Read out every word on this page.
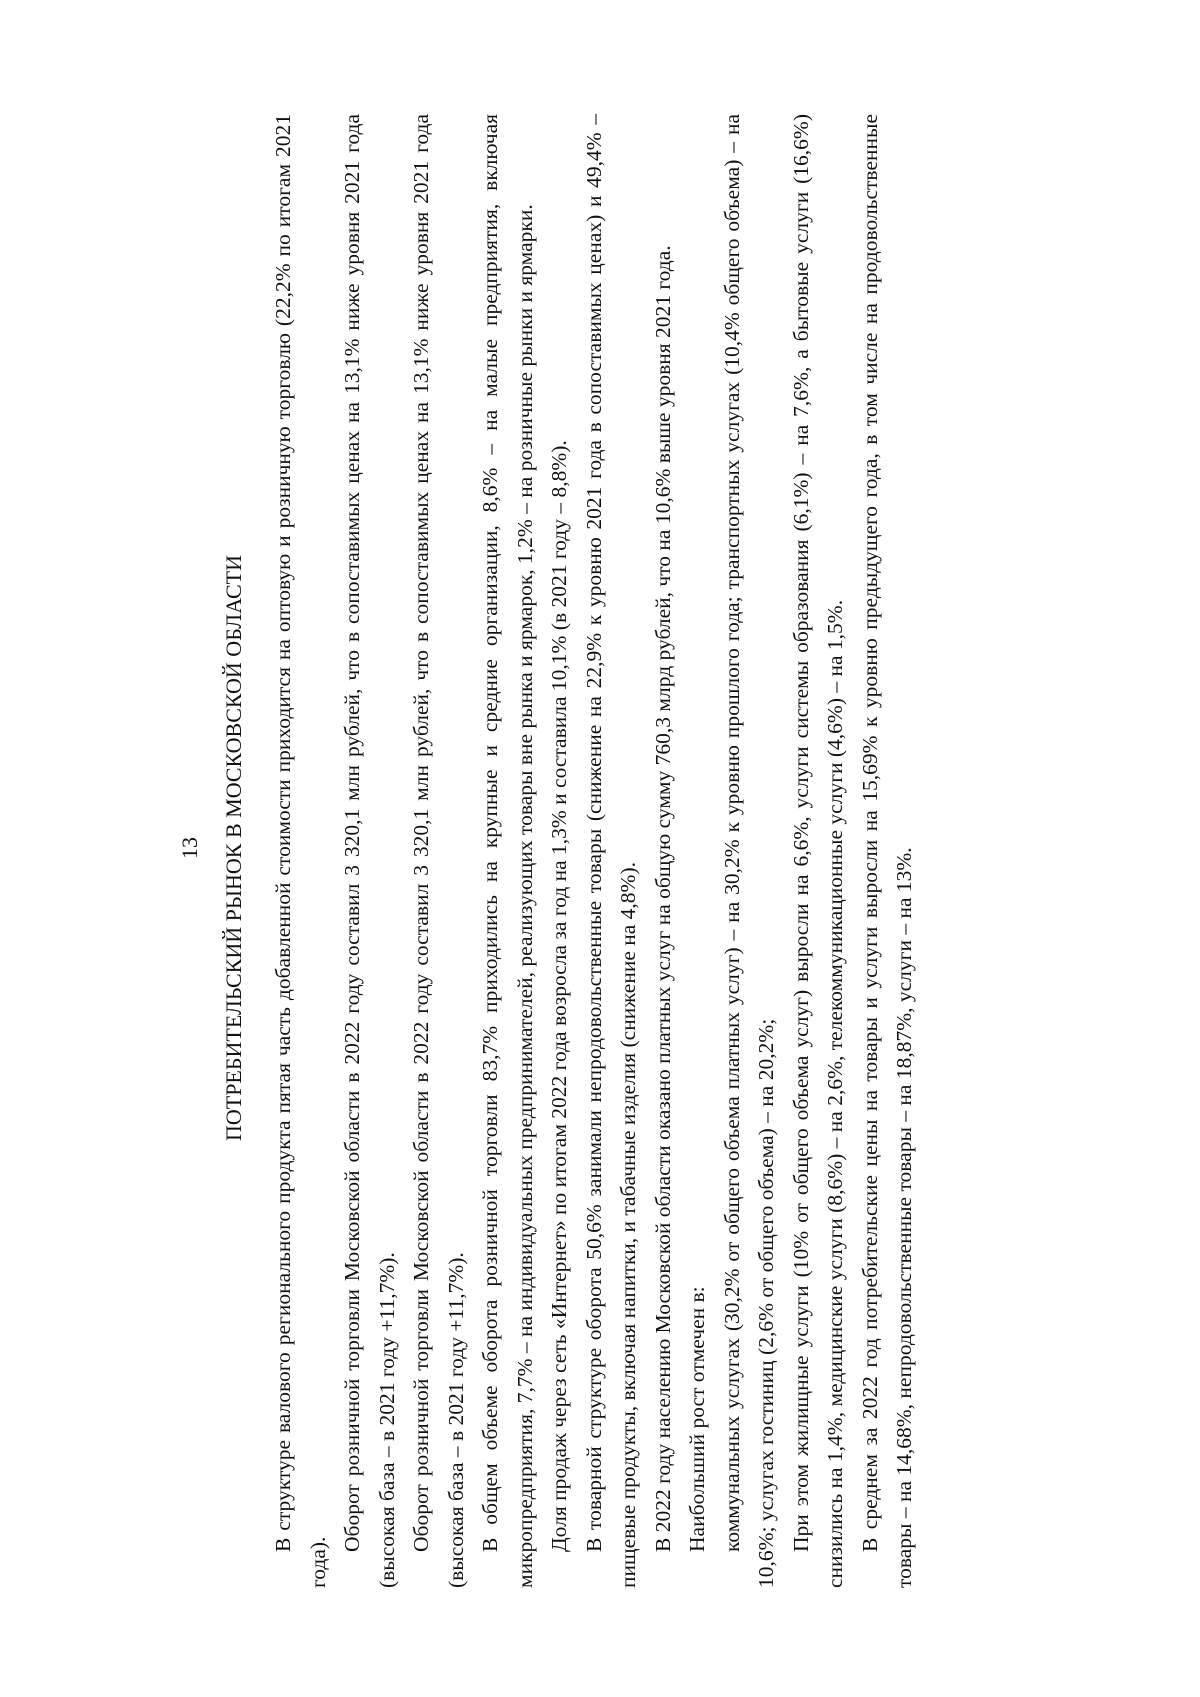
13 ПОТРЕБИТЕЛЬСКИЙ РЫНОК В МОСКОВСКОЙ ОБЛАСТИ В структуре валового регионального продукта пятая часть добавленной стоимости приходится на оптовую и розничную торговлю (22,2% по итогам 2021 года).

Оборот розничной торговли Московской области в 2022 году составил 3 320,1 млн рублей, что в сопоставимых ценах на 13,1% ниже уровня 2021 года (высокая база – в 2021 году +11,7%). Оборот розничной торговли Московской области в 2022 году составил 3 320,1 млн рублей, что в сопоставимых ценах на 13,1% ниже уровня 2021 года (высокая база – в 2021 году +11,7%). В общем объеме оборота розничной торговли 83,7% приходились на крупные и средние организации, 8,6% – на малые предприятия, включая микропредприятия, 7,7% – на индивидуальных предпринимателей, реализующих товары вне рынка и ярмарок, 1,2% – на розничные рынки и ярмарки. Доля продаж через сеть «Интернет» по итогам 2022 года возросла за год на 1,3% и составила 10,1% (в 2021 году – 8,8%). В товарной структуре оборота 50,6% занимали непродовольственные товары (снижение на 22,9% к уровню 2021 года в сопоставимых ценах) и 49,4% – пищевые продукты, включая напитки, и табачные изделия (снижение на 4,8%). В 2022 году населению Московской области оказано платных услуг на общую сумму 760,3 млрд рублей, что на 10,6% выше уровня 2021 года. Наибольший рост отмечен в: коммунальных услугах (30,2% от общего объема платных услуг) – на 30,2% к уровню прошлого года; транспортных услугах (10,4% общего объема) – на 10,6%; услугах гостиниц (2,6% от общего объема) – на 20,2%; При этом жилищные услуги (10% от общего объема услуг) выросли на 6,6%, услуги системы образования (6,1%) – на 7,6%, а бытовые услуги (16,6%) снизились на 1,4%, медицинские услуги (8,6%) – на 2,6%, телекоммуникационные услуги (4,6%) – на 1,5%. В среднем за 2022 год потребительские цены на товары и услуги выросли на 15,69% к уровню предыдущего года, в том числе на продовольственные товары – на 14,68%, непродовольственные товары – на 18,87%, услуги – на 13%.
